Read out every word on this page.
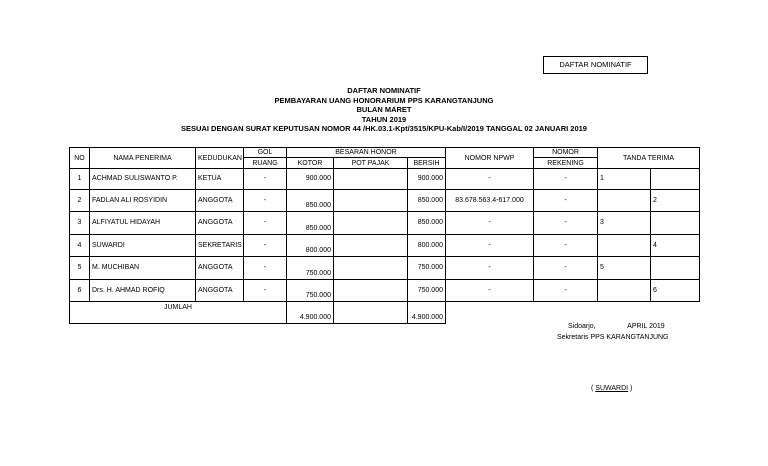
DAFTAR NOMINATIF
DAFTAR NOMINATIF
PEMBAYARAN UANG HONORARIUM PPS KARANGTANJUNG
BULAN MARET
TAHUN 2019
SESUAI DENGAN SURAT KEPUTUSAN NOMOR 44 /HK.03.1-Kpt/3515/KPU-Kab/I/2019 TANGGAL 02 JANUARI 2019
NO	NAMA PENERIMA	KEDUDUKAN	GOL	BESARAN HONOR			NOMOR NPWP	NOMOR	TANDA TERIMA	
			RUANG	KOTOR	POT PAJAK	BERSIH		REKENING		
1	ACHMAD SULISWANTO P.	KETUA	-	900.000		900.000	-	-	1	
2	FADLAN ALI ROSYIDIN	ANGGOTA	-	850.000		850.000	83.678.563.4-617.000	-		2
3	ALFIYATUL HIDAYAH	ANGGOTA	-	850.000		850.000	-	-	3	
4	SUWARDI	SEKRETARIS	-	800.000		800.000	-	-		4
5	M. MUCHIBAN	ANGGOTA	-	750.000		750.000	-	-	5	
6	Drs. H. AHMAD ROFIQ	ANGGOTA	-	750.000		750.000	-	-		6
JUMLAH				4.900.000		4.900.000				
Sidoarjo,	APRIL 2019
Sekretaris PPS KARANGTANJUNG
( SUWARDI )
